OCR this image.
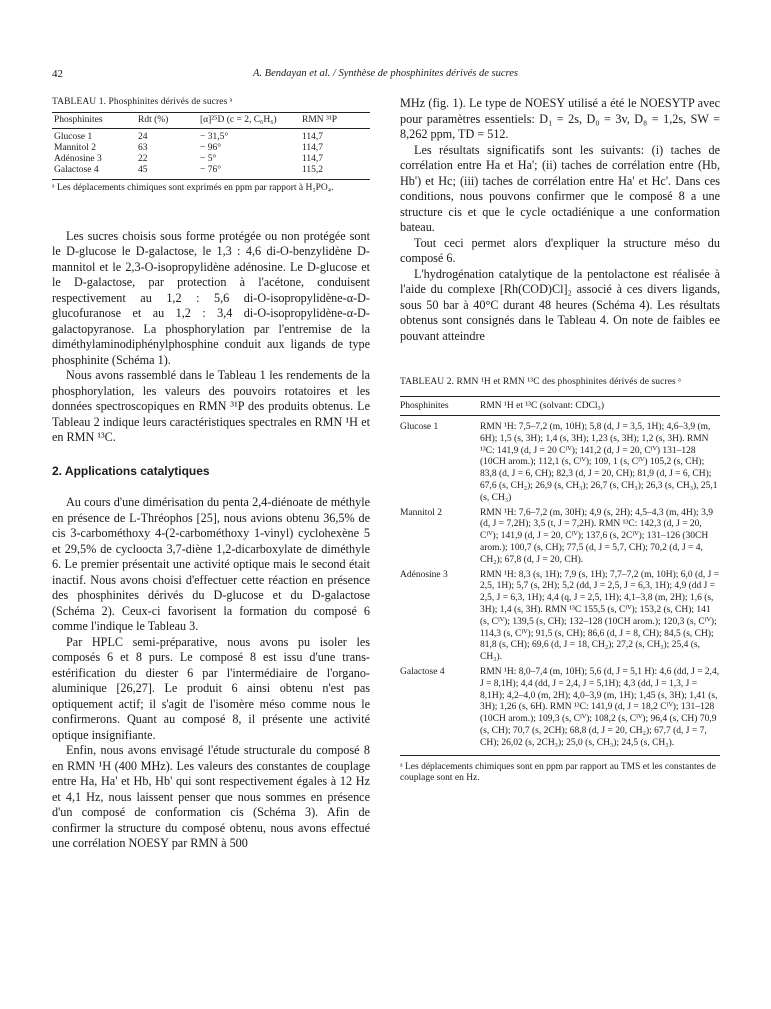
42	A. Bendayan et al. / Synthèse de phosphinites dérivés de sucres
TABLEAU 1. Phosphinites dérivés de sucres ᵃ
Phosphinites	Rdt (%)	[α]²⁵D (c = 2, C₆H₆)	RMN ³¹P
Glucose 1	24	− 31,5°	114,7
Mannitol 2	63	− 96°	114,7
Adénosine 3	22	− 5°	114,7
Galactose 4	45	− 76°	115,2
ᵃ Les déplacements chimiques sont exprimés en ppm par rapport à H₃PO₄.

Les sucres choisis sous forme protégée ou non protégée sont le D-glucose le D-galactose, le 1,3 : 4,6 di-O-benzylidène D-mannitol et le 2,3-O-isopropylidène adénosine. Le D-glucose et le D-galactose, par protection à l'acétone, conduisent respectivement au 1,2 : 5,6 di-O-isopropylidène-α-D-glucofuranose et au 1,2 : 3,4 di-O-isopropylidène-α-D-galactopyranose. La phosphorylation par l'entremise de la diméthylaminodiphénylphosphine conduit aux ligands de type phosphinite (Schéma 1).

Nous avons rassemblé dans le Tableau 1 les rendements de la phosphorylation, les valeurs des pouvoirs rotatoires et les données spectroscopiques en RMN ³¹P des produits obtenus. Le Tableau 2 indique leurs caractéristiques spectrales en RMN ¹H et en RMN ¹³C.

2. Applications catalytiques

Au cours d'une dimérisation du penta 2,4-diénoate de méthyle en présence de L-Thréophos [25], nous avions obtenu 36,5% de cis 3-carbométhoxy 4-(2-carbométhoxy 1-vinyl) cyclohexène 5 et 29,5% de cycloocta 3,7-diène 1,2-dicarboxylate de diméthyle 6. Le premier présentait une activité optique mais le second était inactif. Nous avons choisi d'effectuer cette réaction en présence des phosphinites dérivés du D-glucose et du D-galactose (Schéma 2). Ceux-ci favorisent la formation du composé 6 comme l'indique le Tableau 3.

Par HPLC semi-préparative, nous avons pu isoler les composés 6 et 8 purs. Le composé 8 est issu d'une trans-estérification du diester 6 par l'intermédiaire de l'organo-aluminique [26,27]. Le produit 6 ainsi obtenu n'est pas optiquement actif; il s'agit de l'isomère méso comme nous le confirmerons. Quant au composé 8, il présente une activité optique insignifiante.

Enfin, nous avons envisagé l'étude structurale du composé 8 en RMN ¹H (400 MHz). Les valeurs des constantes de couplage entre Ha, Ha' et Hb, Hb' qui sont respectivement égales à 12 Hz et 4,1 Hz, nous laissent penser que nous sommes en présence d'un composé de conformation cis (Schéma 3). Afin de confirmer la structure du composé obtenu, nous avons effectué une corrélation NOESY par RMN à 500

MHz (fig. 1). Le type de NOESY utilisé a été le NOESYTP avec pour paramètres essentiels: D₁ = 2s, D₀ = 3v, D₈ = 1,2s, SW = 8,262 ppm, TD = 512.

Les résultats significatifs sont les suivants: (i) taches de corrélation entre Ha et Ha'; (ii) taches de corrélation entre (Hb, Hb') et Hc; (iii) taches de corrélation entre Ha' et Hc'. Dans ces conditions, nous pouvons confirmer que le composé 8 a une structure cis et que le cycle octadiénique a une conformation bateau.

Tout ceci permet alors d'expliquer la structure méso du composé 6.

L'hydrogénation catalytique de la pentolactone est réalisée à l'aide du complexe [Rh(COD)Cl]₂ associé à ces divers ligands, sous 50 bar à 40°C durant 48 heures (Schéma 4). Les résultats obtenus sont consignés dans le Tableau 4. On note de faibles ee pouvant atteindre

TABLEAU 2. RMN ¹H et RMN ¹³C des phosphinites dérivés de sucres ᵃ
Phosphinites	RMN ¹H et ¹³C (solvant: CDCl₃)
Glucose 1	RMN ¹H: 7,5–7,2 (m, 10H); 5,8 (d, J = 3,5, 1H); 4,6–3,9 (m, 6H); 1,5 (s, 3H); 1,4 (s, 3H); 1,23 (s, 3H); 1,2 (s, 3H). RMN ¹³C: 141,9 (d, J = 20 Cᴵⱽ); 141,2 (d, J = 20, Cᴵⱽ) 131–128 (10CH arom.); 112,1 (s, Cᴵⱽ); 109, 1 (s, Cᴵⱽ) 105,2 (s, CH); 83,8 (d, J = 6, CH); 82,3 (d, J = 20, CH); 81,9 (d, J = 6, CH); 67,6 (s, CH₂); 26,9 (s, CH₃); 26,7 (s, CH₃); 26,3 (s, CH₃), 25,1 (s, CH₃)
Mannitol 2	RMN ¹H: 7,6–7,2 (m, 30H); 4,9 (s, 2H); 4,5–4,3 (m, 4H); 3,9 (d, J = 7,2H); 3,5 (t, J = 7,2H). RMN ¹³C: 142,3 (d, J = 20, Cᴵⱽ); 141,9 (d, J = 20, Cᴵⱽ); 137,6 (s, 2Cᴵⱽ); 131–126 (30CH arom.); 100,7 (s, CH); 77,5 (d, J = 5,7, CH); 70,2 (d, J = 4, CH₂); 67,8 (d, J = 20, CH).
Adénosine 3	RMN ¹H: 8,3 (s, 1H); 7,9 (s, 1H); 7,7–7,2 (m, 10H); 6,0 (d, J = 2,5, 1H); 5,7 (s, 2H); 5,2 (dd, J = 2,5, J = 6,3, 1H); 4,9 (dd J = 2,5, J = 6,3, 1H); 4,4 (q, J = 2,5, 1H); 4,1–3,8 (m, 2H); 1,6 (s, 3H); 1,4 (s, 3H). RMN ¹³C 155,5 (s, Cᴵⱽ); 153,2 (s, CH); 141 (s, Cᴵⱽ); 139,5 (s, CH); 132–128 (10CH arom.); 120,3 (s, Cᴵⱽ); 114,3 (s, Cᴵⱽ); 91,5 (s, CH); 86,6 (d, J = 8, CH); 84,5 (s, CH); 81,8 (s, CH); 69,6 (d, J = 18, CH₂); 27,2 (s, CH₃); 25,4 (s, CH₃).
Galactose 4	RMN ¹H: 8,0–7,4 (m, 10H); 5,6 (d, J = 5,1 H): 4,6 (dd, J = 2,4, J = 8,1H); 4,4 (dd, J = 2,4, J = 5,1H); 4,3 (dd, J = 1,3, J = 8,1H); 4,2–4,0 (m, 2H); 4,0–3,9 (m, 1H); 1,45 (s, 3H); 1,41 (s, 3H); 1,26 (s, 6H). RMN ¹³C: 141,9 (d, J = 18,2 Cᴵⱽ); 131–128 (10CH arom.); 109,3 (s, Cᴵⱽ); 108,2 (s, Cᴵⱽ); 96,4 (s, CH) 70,9 (s, CH); 70,7 (s, 2CH); 68,8 (d, J = 20, CH₂); 67,7 (d, J = 7, CH); 26,02 (s, 2CH₃); 25,0 (s, CH₃); 24,5 (s, CH₃).
ᵃ Les déplacements chimiques sont en ppm par rapport au TMS et les constantes de couplage sont en Hz.
